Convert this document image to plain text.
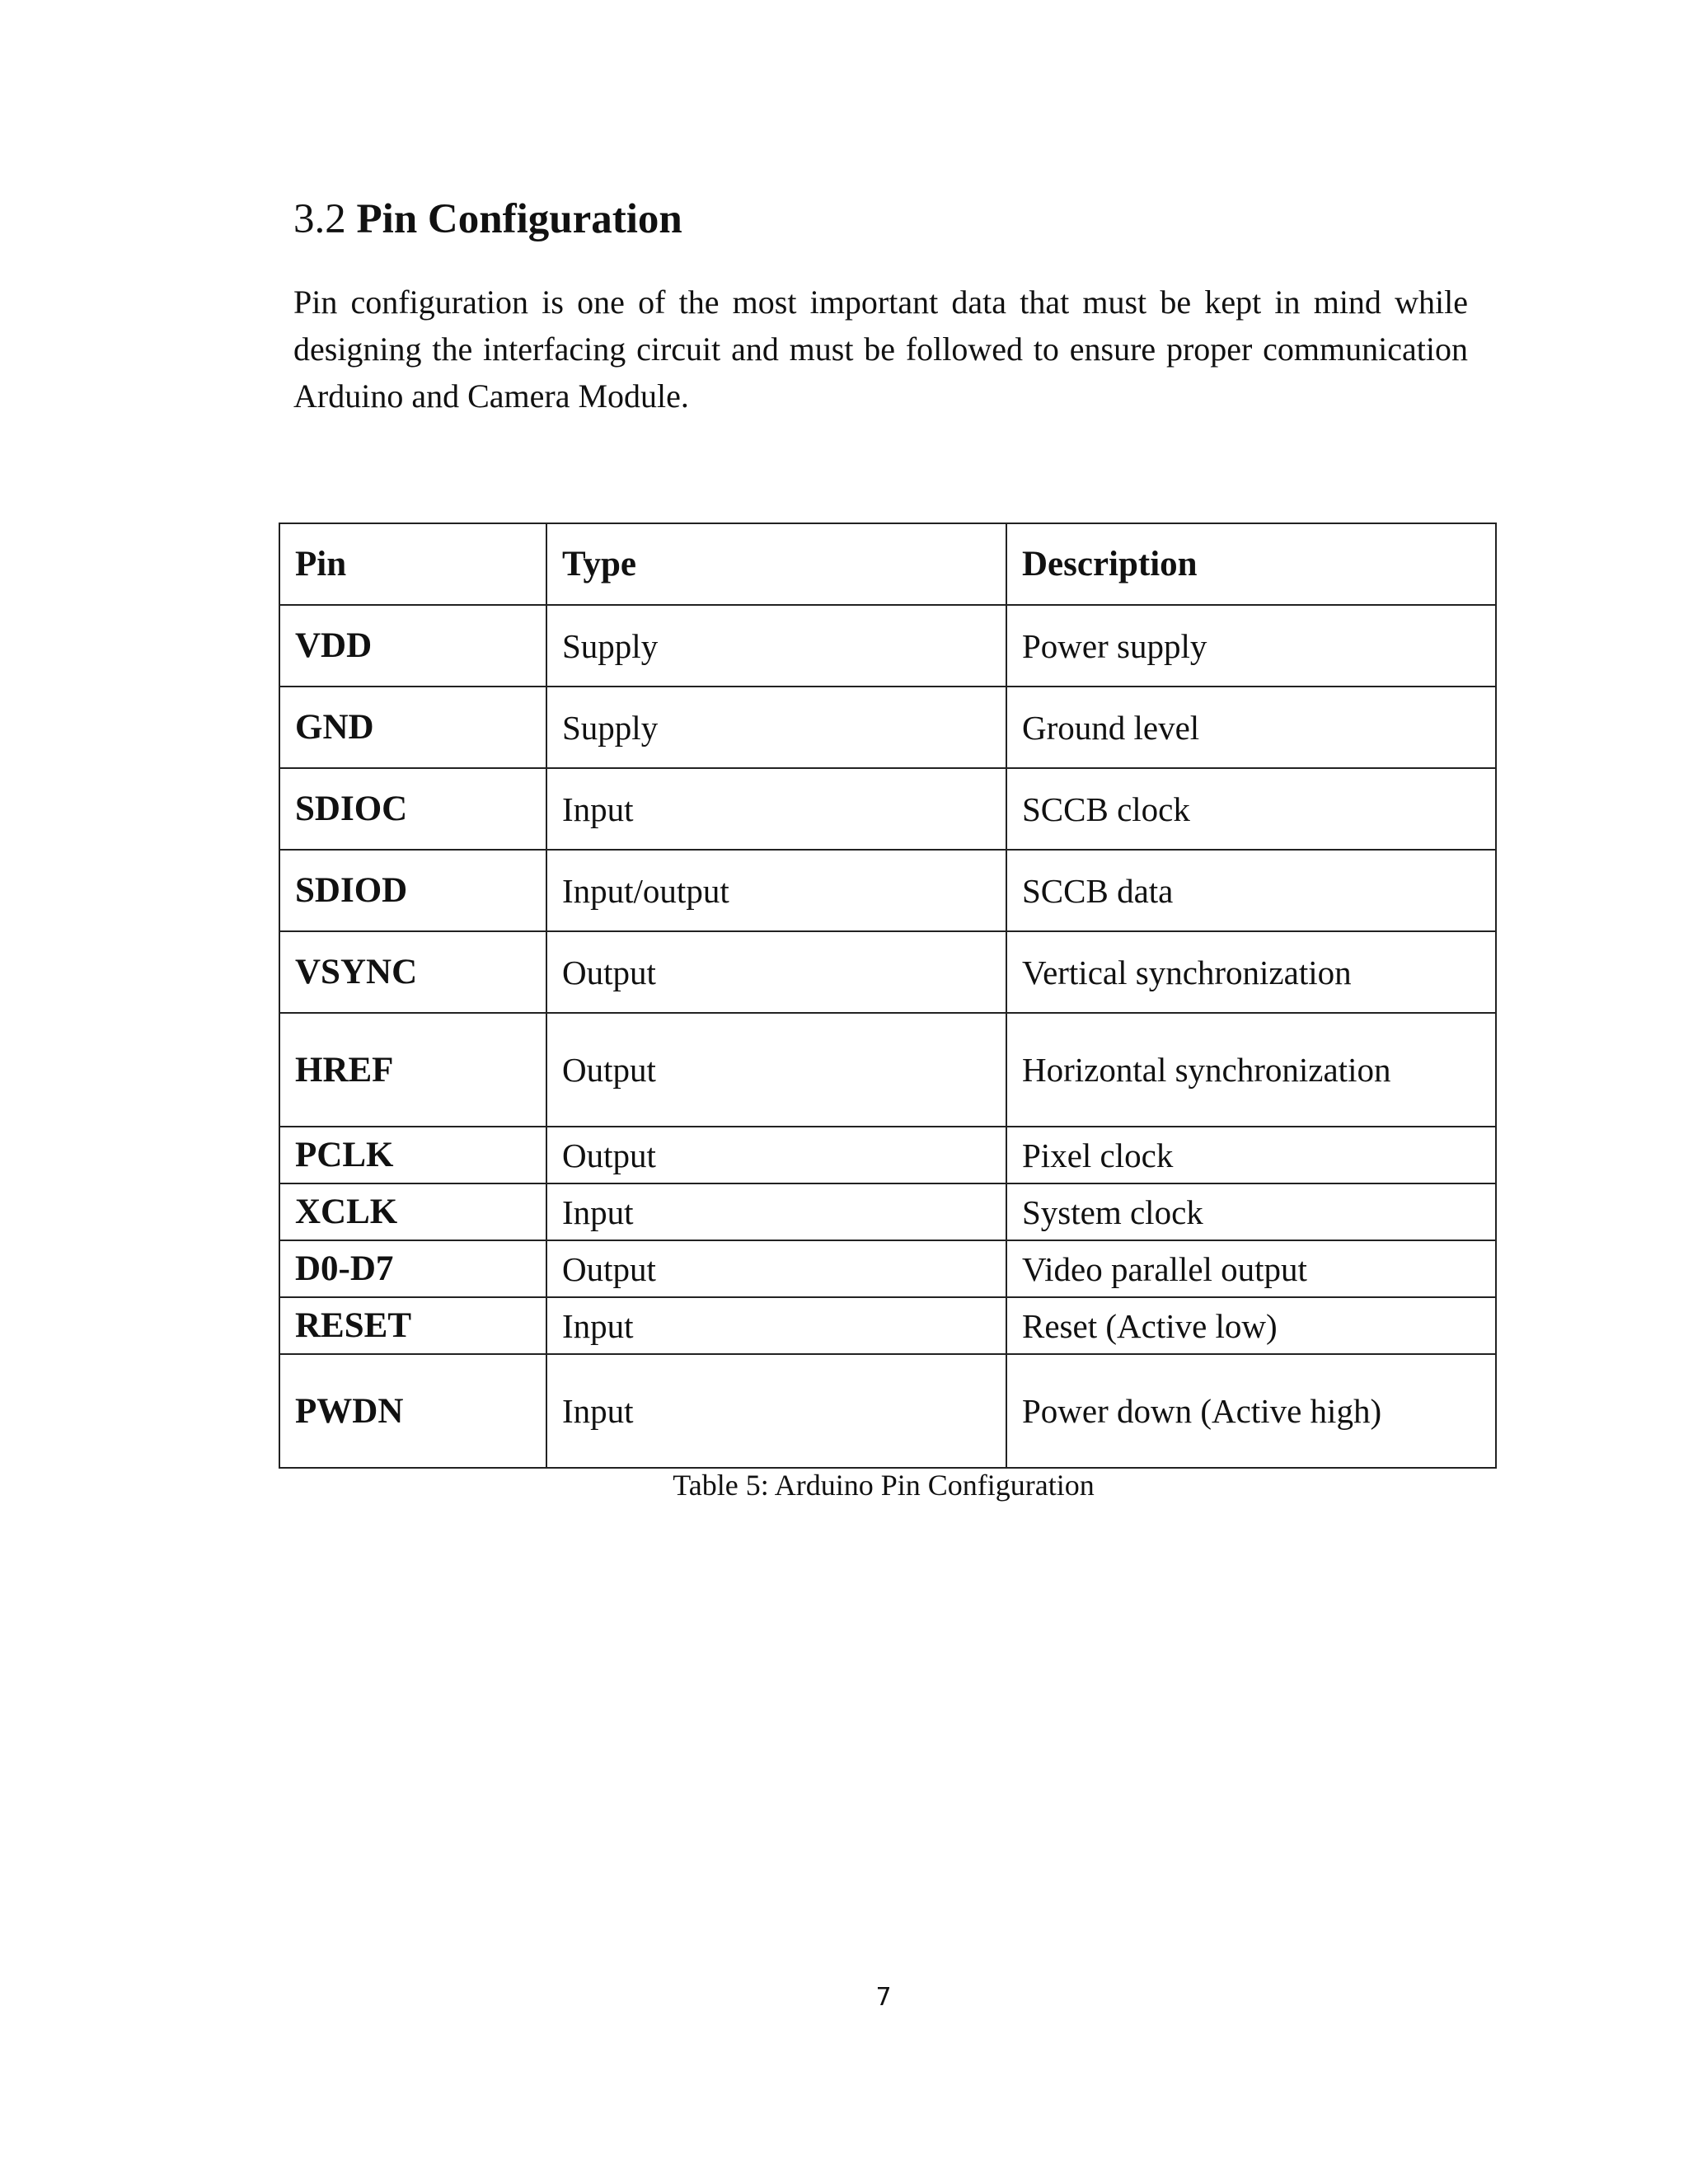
3.2 Pin Configuration

Pin configuration is one of the most important data that must be kept in mind while designing the interfacing circuit and must be followed to ensure proper communication Arduino and Camera Module.

Pin	Type	Description
VDD	Supply	Power supply
GND	Supply	Ground level
SDIOC	Input	SCCB clock
SDIOD	Input/output	SCCB data
VSYNC	Output	Vertical synchronization
HREF	Output	Horizontal synchronization
PCLK	Output	Pixel clock
XCLK	Input	System clock
D0-D7	Output	Video parallel output
RESET	Input	Reset (Active low)
PWDN	Input	Power down (Active high)

Table 5: Arduino Pin Configuration

7
